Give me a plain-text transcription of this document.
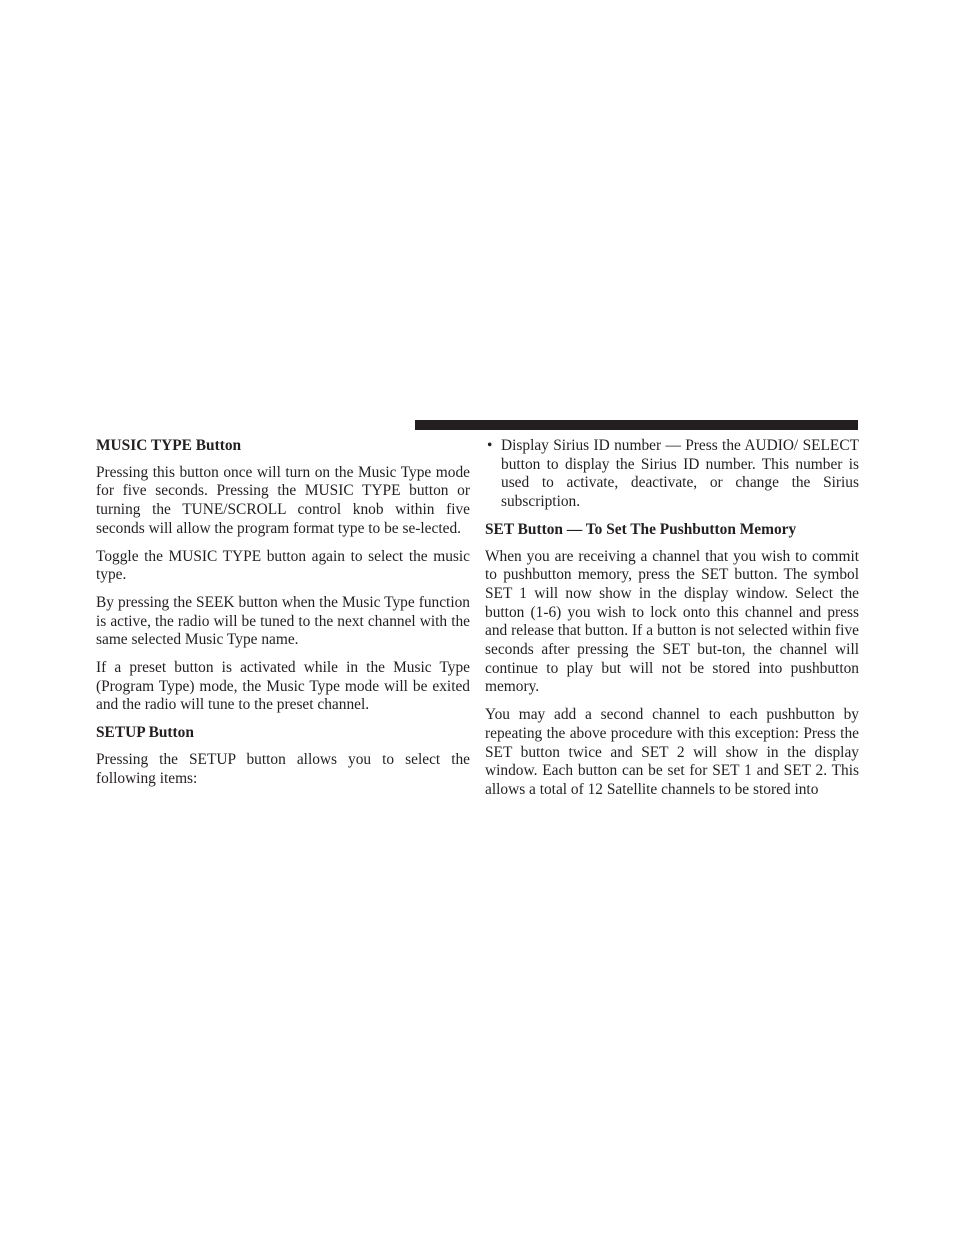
MUSIC TYPE Button

Pressing this button once will turn on the Music Type mode for five seconds. Pressing the MUSIC TYPE button or turning the TUNE/SCROLL control knob within five seconds will allow the program format type to be se-lected.

Toggle the MUSIC TYPE button again to select the music type.

By pressing the SEEK button when the Music Type function is active, the radio will be tuned to the next channel with the same selected Music Type name.

If a preset button is activated while in the Music Type (Program Type) mode, the Music Type mode will be exited and the radio will tune to the preset channel.

SETUP Button

Pressing the SETUP button allows you to select the following items:

• Display Sirius ID number — Press the AUDIO/ SELECT button to display the Sirius ID number. This number is used to activate, deactivate, or change the Sirius subscription.
SET Button — To Set The Pushbutton Memory

When you are receiving a channel that you wish to commit to pushbutton memory, press the SET button. The symbol SET 1 will now show in the display window. Select the button (1-6) you wish to lock onto this channel and press and release that button. If a button is not selected within five seconds after pressing the SET but-ton, the channel will continue to play but will not be stored into pushbutton memory.

You may add a second channel to each pushbutton by repeating the above procedure with this exception: Press the SET button twice and SET 2 will show in the display window. Each button can be set for SET 1 and SET 2. This allows a total of 12 Satellite channels to be stored into
